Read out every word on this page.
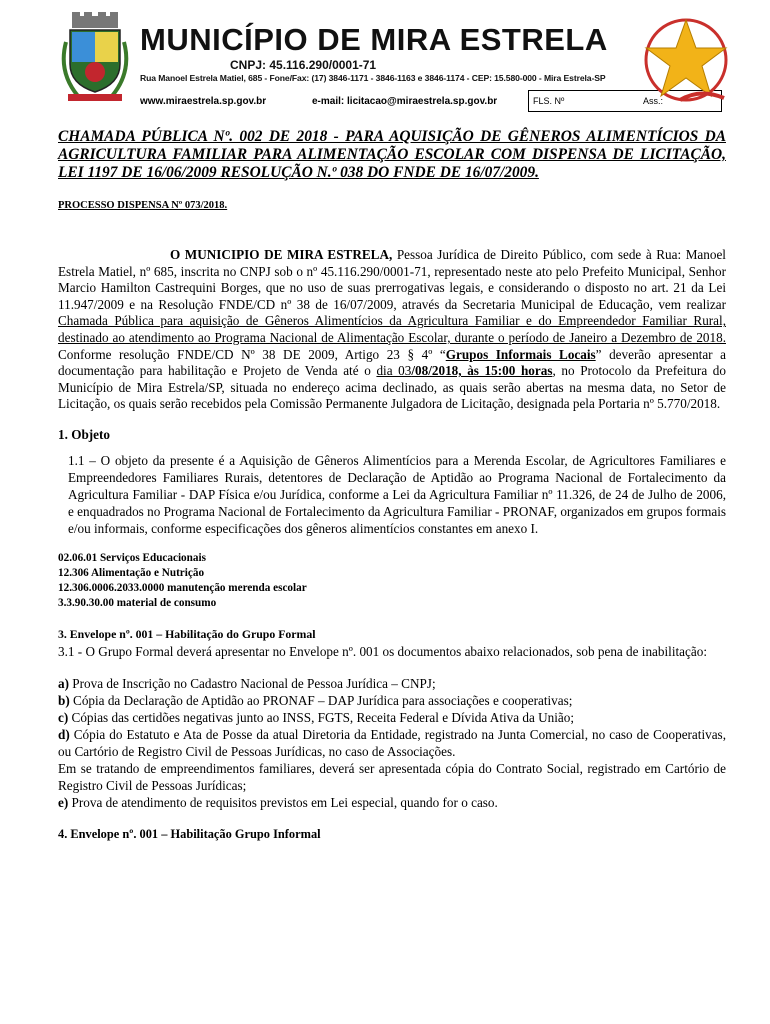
MUNICÍPIO DE MIRA ESTRELA
CNPJ: 45.116.290/0001-71
Rua Manoel Estrela Matiel, 685 - Fone/Fax: (17) 3846-1171 - 3846-1163 e 3846-1174 - CEP: 15.580-000 - Mira Estrela-SP
www.miraestrela.sp.gov.br	e-mail: licitacao@miraestrela.sp.gov.br	FLS. Nº	Ass.:

CHAMADA PÚBLICA Nº. 002 DE 2018 - PARA AQUISIÇÃO DE GÊNEROS ALIMENTÍCIOS DA AGRICULTURA FAMILIAR PARA ALIMENTAÇÃO ESCOLAR COM DISPENSA DE LICITAÇÃO, LEI 1197 DE 16/06/2009 RESOLUÇÃO N.º 038 DO FNDE DE 16/07/2009.

PROCESSO DISPENSA Nº 073/2018.

O MUNICIPIO DE MIRA ESTRELA, Pessoa Jurídica de Direito Público, com sede à Rua: Manoel Estrela Matiel, nº 685, inscrita no CNPJ sob o nº 45.116.290/0001-71, representado neste ato pelo Prefeito Municipal, Senhor Marcio Hamilton Castrequini Borges, que no uso de suas prerrogativas legais, e considerando o disposto no art. 21 da Lei 11.947/2009 e na Resolução FNDE/CD nº 38 de 16/07/2009, através da Secretaria Municipal de Educação, vem realizar Chamada Pública para aquisição de Gêneros Alimentícios da Agricultura Familiar e do Empreendedor Familiar Rural, destinado ao atendimento ao Programa Nacional de Alimentação Escolar, durante o período de Janeiro a Dezembro de 2018. Conforme resolução FNDE/CD Nº 38 DE 2009, Artigo 23 § 4º “Grupos Informais Locais” deverão apresentar a documentação para habilitação e Projeto de Venda até o dia 03/08/2018, às 15:00 horas, no Protocolo da Prefeitura do Município de Mira Estrela/SP, situada no endereço acima declinado, as quais serão abertas na mesma data, no Setor de Licitação, os quais serão recebidos pela Comissão Permanente Julgadora de Licitação, designada pela Portaria nº 5.770/2018.

1. Objeto

1.1 – O objeto da presente é a Aquisição de Gêneros Alimentícios para a Merenda Escolar, de Agricultores Familiares e Empreendedores Familiares Rurais, detentores de Declaração de Aptidão ao Programa Nacional de Fortalecimento da Agricultura Familiar - DAP Física e/ou Jurídica, conforme a Lei da Agricultura Familiar nº 11.326, de 24 de Julho de 2006, e enquadrados no Programa Nacional de Fortalecimento da Agricultura Familiar - PRONAF, organizados em grupos formais e/ou informais, conforme especificações dos gêneros alimentícios constantes em anexo I.

02.06.01 Serviços Educacionais
12.306 Alimentação e Nutrição
12.306.0006.2033.0000 manutenção merenda escolar
3.3.90.30.00 material de consumo

3. Envelope nº. 001 – Habilitação do Grupo Formal

3.1 - O Grupo Formal deverá apresentar no Envelope nº. 001 os documentos abaixo relacionados, sob pena de inabilitação:

a) Prova de Inscrição no Cadastro Nacional de Pessoa Jurídica – CNPJ;

b) Cópia da Declaração de Aptidão ao PRONAF – DAP Jurídica para associações e cooperativas;

c) Cópias das certidões negativas junto ao INSS, FGTS, Receita Federal e Dívida Ativa da União;

d) Cópia do Estatuto e Ata de Posse da atual Diretoria da Entidade, registrado na Junta Comercial, no caso de Cooperativas, ou Cartório de Registro Civil de Pessoas Jurídicas, no caso de Associações.

Em se tratando de empreendimentos familiares, deverá ser apresentada cópia do Contrato Social, registrado em Cartório de Registro Civil de Pessoas Jurídicas;

e) Prova de atendimento de requisitos previstos em Lei especial, quando for o caso.

4. Envelope nº. 001 – Habilitação Grupo Informal
